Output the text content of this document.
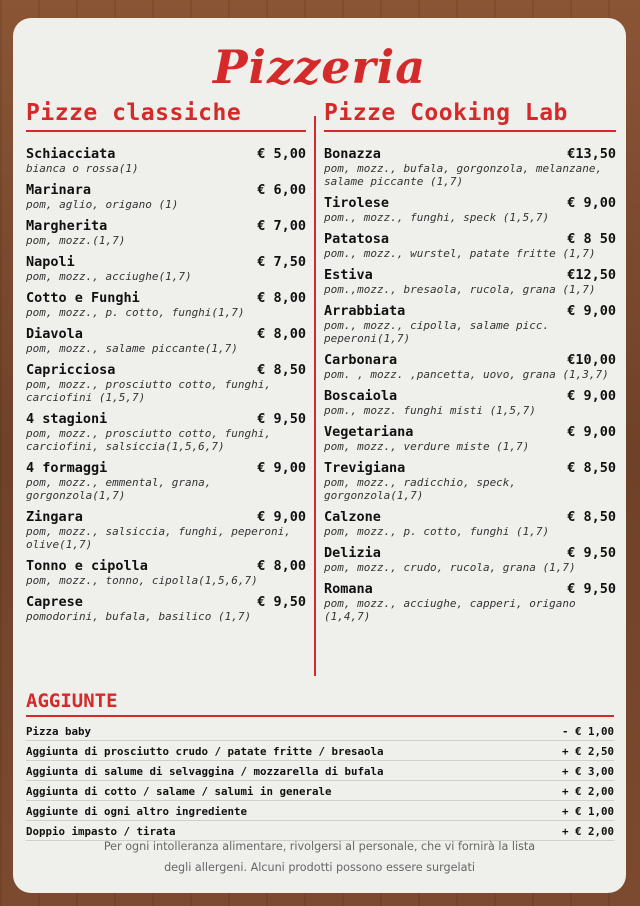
Pizzeria
Pizze classiche
Schiacciata	€ 5,00
bianca o rossa(1)
Marinara	€ 6,00
pom, aglio, origano (1)
Margherita	€ 7,00
pom, mozz.(1,7)
Napoli	€ 7,50
pom, mozz., acciughe(1,7)
Cotto e Funghi	€ 8,00
pom, mozz., p. cotto, funghi(1,7)
Diavola	€ 8,00
pom, mozz., salame piccante(1,7)
Capricciosa	€ 8,50
pom, mozz., prosciutto cotto, funghi, carciofini (1,5,7)
4 stagioni	€ 9,50
pom, mozz., prosciutto cotto, funghi, carciofini, salsiccia(1,5,6,7)
4 formaggi	€ 9,00
pom, mozz., emmental, grana, gorgonzola(1,7)
Zingara	€ 9,00
pom, mozz., salsiccia, funghi, peperoni, olive(1,7)
Tonno e cipolla	€ 8,00
pom, mozz., tonno, cipolla(1,5,6,7)
Caprese	€ 9,50
pomodorini, bufala, basilico (1,7)
Pizze Cooking Lab
Bonazza	€13,50
pom, mozz., bufala, gorgonzola, melanzane, salame piccante (1,7)
Tirolese	€ 9,00
pom., mozz., funghi, speck (1,5,7)
Patatosa	€ 8 50
pom., mozz., wurstel, patate fritte (1,7)
Estiva	€12,50
pom.,mozz., bresaola, rucola, grana (1,7)
Arrabbiata	€ 9,00
pom., mozz., cipolla, salame picc. peperoni(1,7)
Carbonara	€10,00
pom. , mozz. ,pancetta, uovo, grana (1,3,7)
Boscaiola	€ 9,00
pom., mozz. funghi misti (1,5,7)
Vegetariana	€ 9,00
pom, mozz., verdure miste (1,7)
Trevigiana	€ 8,50
pom, mozz., radicchio, speck, gorgonzola(1,7)
Calzone	€ 8,50
pom, mozz., p. cotto, funghi (1,7)
Delizia	€ 9,50
pom, mozz., crudo, rucola, grana (1,7)
Romana	€ 9,50
pom, mozz., acciughe, capperi, origano (1,4,7)
AGGIUNTE
Pizza baby	- € 1,00
Aggiunta di prosciutto crudo / patate fritte / bresaola	+ € 2,50
Aggiunta di salume di selvaggina / mozzarella di bufala	+ € 3,00
Aggiunta di cotto / salame / salumi in generale	+ € 2,00
Aggiunte di ogni altro ingrediente	+ € 1,00
Doppio impasto / tirata	+ € 2,00
Per ogni intolleranza alimentare, rivolgersi al personale, che vi fornirà la lista
degli allergeni. Alcuni prodotti possono essere surgelati
